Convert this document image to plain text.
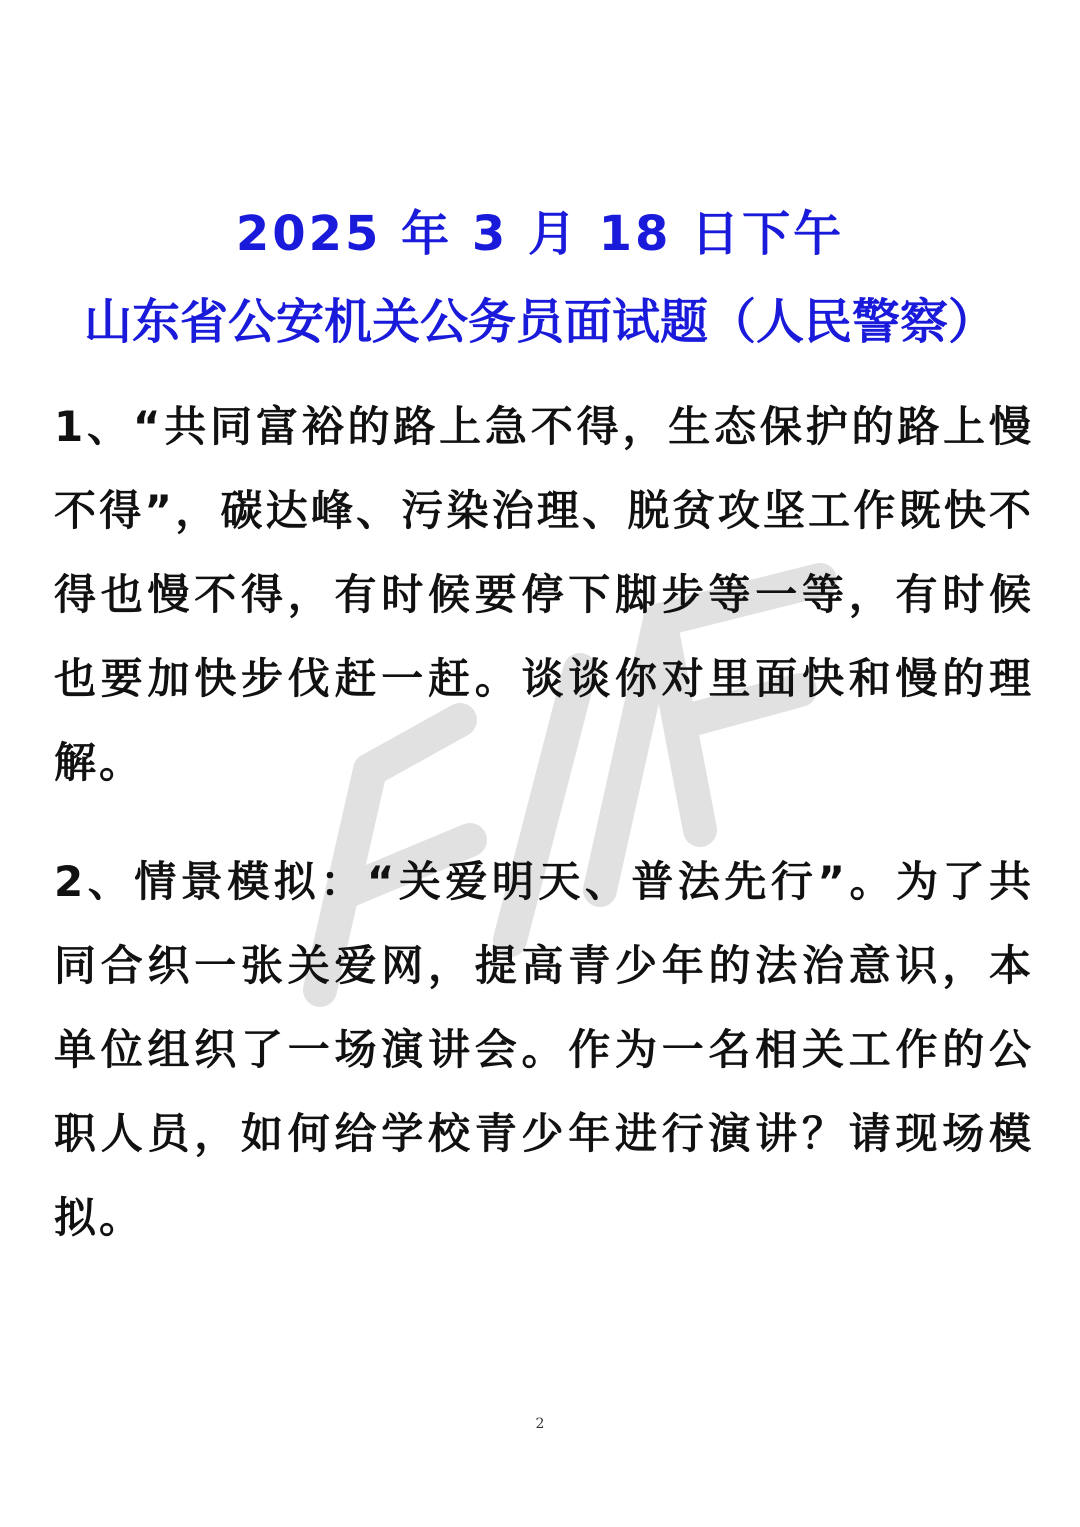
2025 年 3 月 18 日下午

山东省公安机关公务员面试题（人民警察）

1、“共同富裕的路上急不得，生态保护的路上慢不得”，碳达峰、污染治理、脱贫攻坚工作既快不得也慢不得，有时候要停下脚步等一等，有时候也要加快步伐赶一赶。谈谈你对里面快和慢的理解。

2、情景模拟：“关爱明天、普法先行”。为了共同合织一张关爱网，提高青少年的法治意识，本单位组织了一场演讲会。作为一名相关工作的公职人员，如何给学校青少年进行演讲？请现场模拟。

2
